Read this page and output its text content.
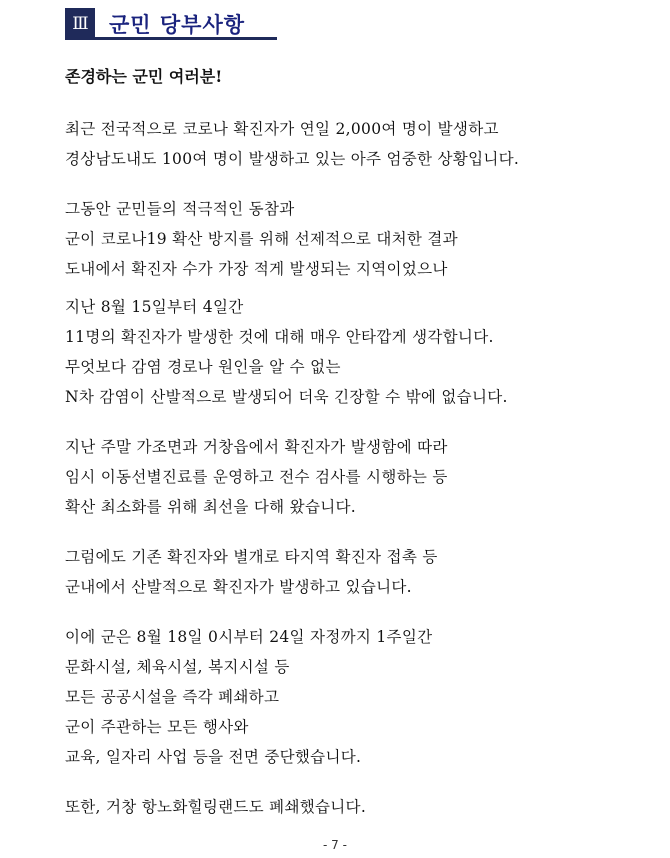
Ⅲ	군민 당부사항
존경하는 군민 여러분!
최근 전국적으로 코로나 확진자가 연일 2,000여 명이 발생하고
경상남도내도 100여 명이 발생하고 있는 아주 엄중한 상황입니다.
그동안 군민들의 적극적인 동참과
군이 코로나19 확산 방지를 위해 선제적으로 대처한 결과
도내에서 확진자 수가 가장 적게 발생되는 지역이었으나
지난 8월 15일부터 4일간
11명의 확진자가 발생한 것에 대해 매우 안타깝게 생각합니다.
무엇보다 감염 경로나 원인을 알 수 없는
N차 감염이 산발적으로 발생되어 더욱 긴장할 수 밖에 없습니다.
지난 주말 가조면과 거창읍에서 확진자가 발생함에 따라
임시 이동선별진료를 운영하고 전수 검사를 시행하는 등
확산 최소화를 위해 최선을 다해 왔습니다.
그럼에도 기존 확진자와 별개로 타지역 확진자 접촉 등
군내에서 산발적으로 확진자가 발생하고 있습니다.
이에 군은 8월 18일 0시부터 24일 자정까지 1주일간
문화시설, 체육시설, 복지시설 등
모든 공공시설을 즉각 폐쇄하고
군이 주관하는 모든 행사와
교육, 일자리 사업 등을 전면 중단했습니다.
또한, 거창 항노화힐링랜드도 폐쇄했습니다.
- 7 -
